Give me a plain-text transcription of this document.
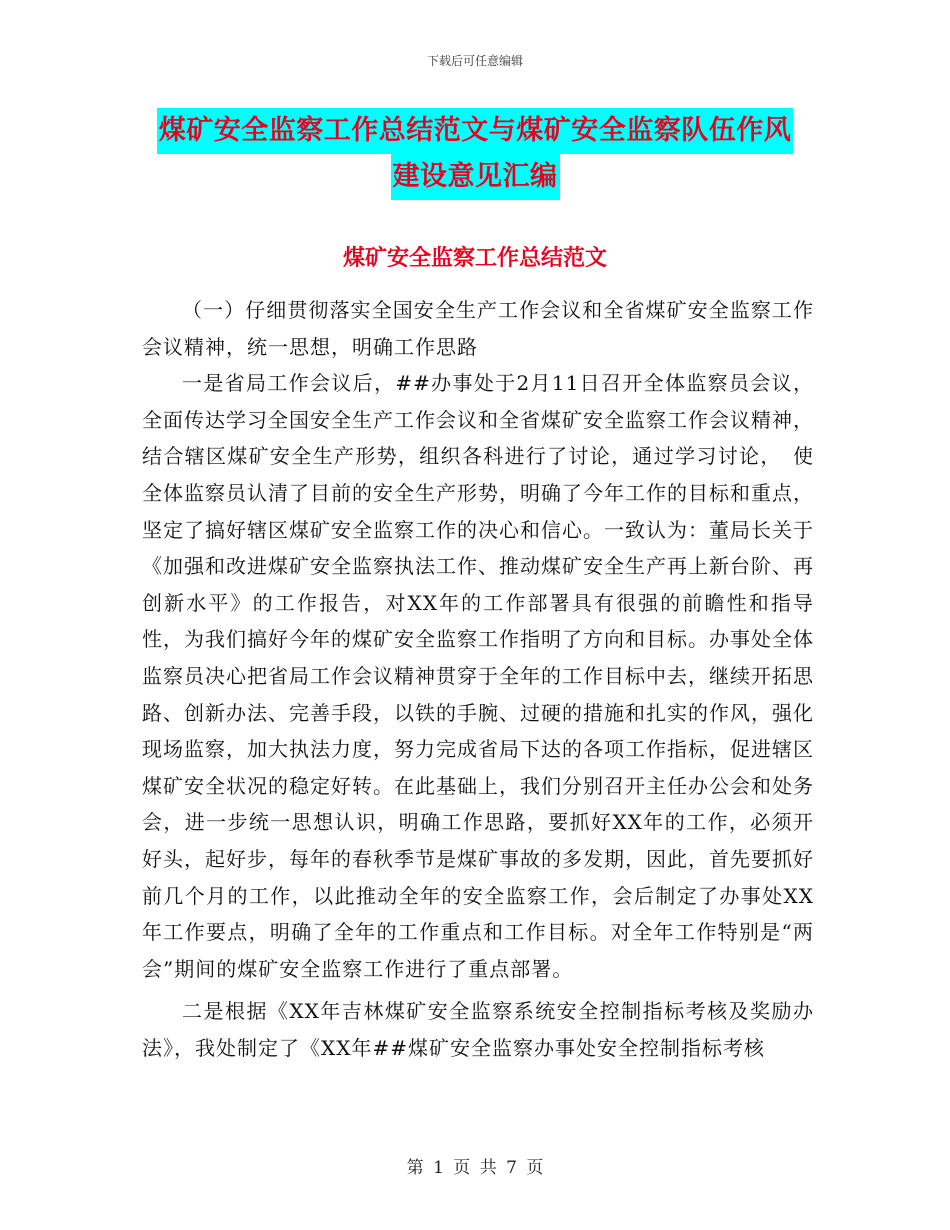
下载后可任意编辑
煤矿安全监察工作总结范文与煤矿安全监察队伍作风
建设意见汇编
煤矿安全监察工作总结范文

（一）仔细贯彻落实全国安全生产工作会议和全省煤矿安全监察工作会议精神，统一思想，明确工作思路

一是省局工作会议后，##办事处于2月11日召开全体监察员会议，全面传达学习全国安全生产工作会议和全省煤矿安全监察工作会议精神，结合辖区煤矿安全生产形势，组织各科进行了讨论，通过学习讨论，　使全体监察员认清了目前的安全生产形势，明确了今年工作的目标和重点，坚定了搞好辖区煤矿安全监察工作的决心和信心。一致认为：董局长关于《加强和改进煤矿安全监察执法工作、推动煤矿安全生产再上新台阶、再创新水平》的工作报告，对XX年的工作部署具有很强的前瞻性和指导性，为我们搞好今年的煤矿安全监察工作指明了方向和目标。办事处全体监察员决心把省局工作会议精神贯穿于全年的工作目标中去，继续开拓思路、创新办法、完善手段，以铁的手腕、过硬的措施和扎实的作风，强化现场监察，加大执法力度，努力完成省局下达的各项工作指标，促进辖区煤矿安全状况的稳定好转。在此基础上，我们分别召开主任办公会和处务会，进一步统一思想认识，明确工作思路，要抓好XX年的工作，必须开好头，起好步，每年的春秋季节是煤矿事故的多发期，因此，首先要抓好前几个月的工作，以此推动全年的安全监察工作，会后制定了办事处XX年工作要点，明确了全年的工作重点和工作目标。对全年工作特别是“两会”期间的煤矿安全监察工作进行了重点部署。

二是根据《XX年吉林煤矿安全监察系统安全控制指标考核及奖励办法》，我处制定了《XX年##煤矿安全监察办事处安全控制指标考核

第 1 页 共 7 页
